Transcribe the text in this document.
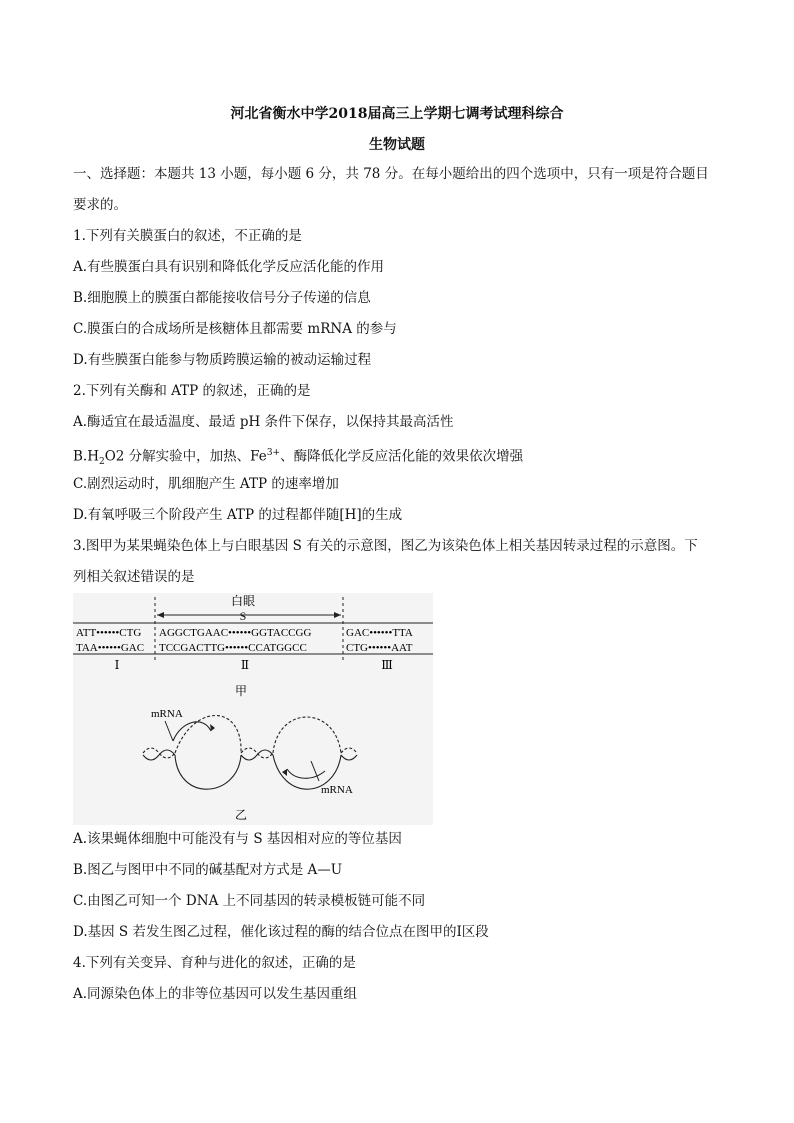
河北省衡水中学2018届高三上学期七调考试理科综合
生物试题
一、选择题：本题共 13 小题，每小题 6 分，共 78 分。在每小题给出的四个选项中，只有一项是符合题目
要求的。
1.下列有关膜蛋白的叙述，不正确的是
A.有些膜蛋白具有识别和降低化学反应活化能的作用
B.细胞膜上的膜蛋白都能接收信号分子传递的信息
C.膜蛋白的合成场所是核糖体且都需要 mRNA 的参与
D.有些膜蛋白能参与物质跨膜运输的被动运输过程
2.下列有关酶和 ATP 的叙述，正确的是
A.酶适宜在最适温度、最适 pH 条件下保存，以保持其最高活性
$B.H_2O2$ 分解实验中，加热、$Fe^{3+}$、酶降低化学反应活化能的效果依次增强
C.剧烈运动时，肌细胞产生 ATP 的速率增加
D.有氧呼吸三个阶段产生 ATP 的过程都伴随[H]的生成
3.图甲为某果蝇染色体上与白眼基因 S 有关的示意图，图乙为该染色体上相关基因转录过程的示意图。下
列相关叙述错误的是
白眼
S
ATT••••••CTG AGGCTGAAC••••••GGTACCGG	GAC••••••TTA
TAA••••••GAC TCCGACTTG••••••CCATGGCC	CTG••••••AAT
Ⅰ	Ⅱ	Ⅲ
甲
mRNA
mRNA
乙
A.该果蝇体细胞中可能没有与 S 基因相对应的等位基因
B.图乙与图甲中不同的碱基配对方式是 A—U
C.由图乙可知一个 DNA 上不同基因的转录模板链可能不同
D.基因 S 若发生图乙过程，催化该过程的酶的结合位点在图甲的Ⅰ区段
4.下列有关变异、育种与进化的叙述，正确的是
A.同源染色体上的非等位基因可以发生基因重组
